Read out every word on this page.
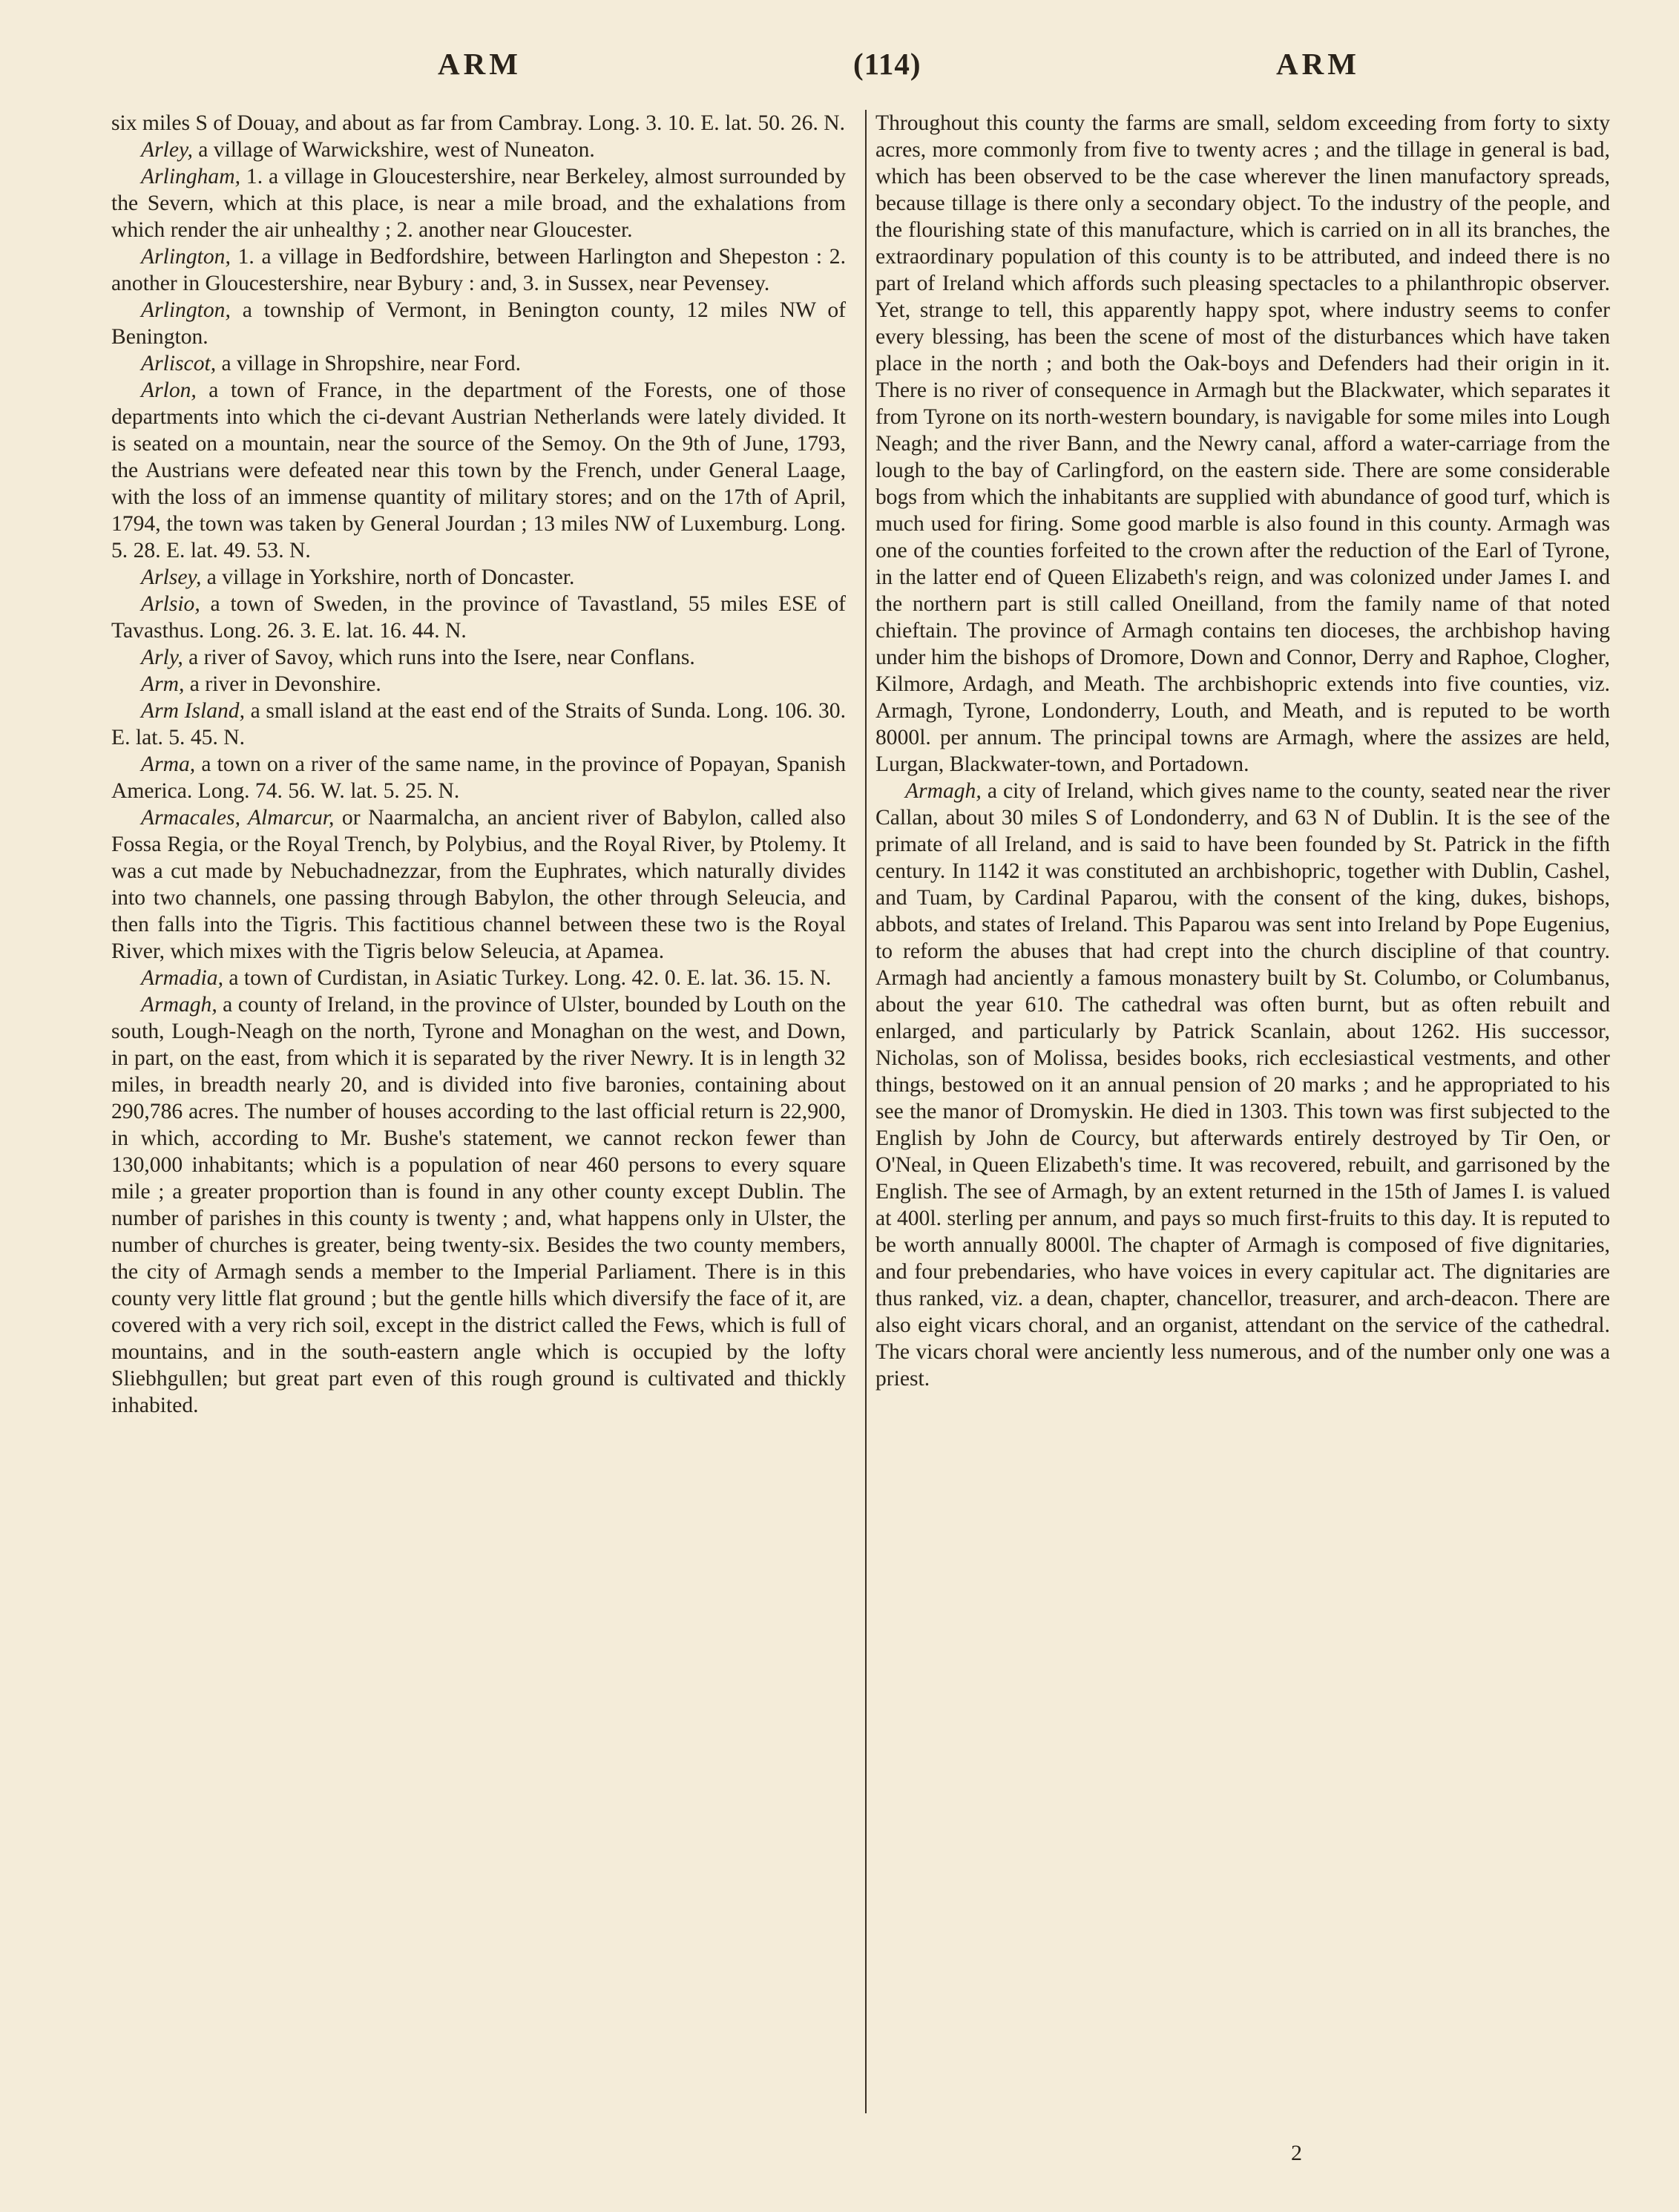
ARM	(114)	ARM

six miles S of Douay, and about as far from Cambray. Long. 3. 10. E. lat. 50. 26. N.

Arley, a village of Warwickshire, west of Nuneaton.

Arlingham, 1. a village in Gloucestershire, near Berkeley, almost surrounded by the Severn, which at this place, is near a mile broad, and the exhalations from which render the air unhealthy ; 2. another near Gloucester.

Arlington, 1. a village in Bedfordshire, between Harlington and Shepeston : 2. another in Gloucestershire, near Bybury : and, 3. in Sussex, near Pevensey.

Arlington, a township of Vermont, in Benington county, 12 miles NW of Benington.

Arliscot, a village in Shropshire, near Ford.

Arlon, a town of France, in the department of the Forests, one of those departments into which the ci-devant Austrian Netherlands were lately divided. It is seated on a mountain, near the source of the Semoy. On the 9th of June, 1793, the Austrians were defeated near this town by the French, under General Laage, with the loss of an immense quantity of military stores; and on the 17th of April, 1794, the town was taken by General Jourdan ; 13 miles NW of Luxemburg. Long. 5. 28. E. lat. 49. 53. N.

Arlsey, a village in Yorkshire, north of Doncaster.

Arlsio, a town of Sweden, in the province of Tavastland, 55 miles ESE of Tavasthus. Long. 26. 3. E. lat. 16. 44. N.

Arly, a river of Savoy, which runs into the Isere, near Conflans.

Arm, a river in Devonshire.

Arm Island, a small island at the east end of the Straits of Sunda. Long. 106. 30. E. lat. 5. 45. N.

Arma, a town on a river of the same name, in the province of Popayan, Spanish America. Long. 74. 56. W. lat. 5. 25. N.

Armacales, Almarcur, or Naarmalcha, an ancient river of Babylon, called also Fossa Regia, or the Royal Trench, by Polybius, and the Royal River, by Ptolemy. It was a cut made by Nebuchadnezzar, from the Euphrates, which naturally divides into two channels, one passing through Babylon, the other through Seleucia, and then falls into the Tigris. This factitious channel between these two is the Royal River, which mixes with the Tigris below Seleucia, at Apamea.

Armadia, a town of Curdistan, in Asiatic Turkey. Long. 42. 0. E. lat. 36. 15. N.

Armagh, a county of Ireland, in the province of Ulster, bounded by Louth on the south, Lough-Neagh on the north, Tyrone and Monaghan on the west, and Down, in part, on the east, from which it is separated by the river Newry. It is in length 32 miles, in breadth nearly 20, and is divided into five baronies, containing about 290,786 acres. The number of houses according to the last official return is 22,900, in which, according to Mr. Bushe's statement, we cannot reckon fewer than 130,000 inhabitants; which is a population of near 460 persons to every square mile ; a greater proportion than is found in any other county except Dublin. The number of parishes in this county is twenty ; and, what happens only in Ulster, the number of churches is greater, being twenty-six. Besides the two county members, the city of Armagh sends a member to the Imperial Parliament. There is in this county very little flat ground ; but the gentle hills which diversify the face of it, are covered with a very rich soil, except in the district called the Fews, which is full of mountains, and in the south-eastern angle which is occupied by the lofty Sliebhgullen; but great part even of this rough ground is cultivated and thickly inhabited.

Throughout this county the farms are small, seldom exceeding from forty to sixty acres, more commonly from five to twenty acres ; and the tillage in general is bad, which has been observed to be the case wherever the linen manufactory spreads, because tillage is there only a secondary object. To the industry of the people, and the flourishing state of this manufacture, which is carried on in all its branches, the extraordinary population of this county is to be attributed, and indeed there is no part of Ireland which affords such pleasing spectacles to a philanthropic observer. Yet, strange to tell, this apparently happy spot, where industry seems to confer every blessing, has been the scene of most of the disturbances which have taken place in the north ; and both the Oak-boys and Defenders had their origin in it. There is no river of consequence in Armagh but the Blackwater, which separates it from Tyrone on its north-western boundary, is navigable for some miles into Lough Neagh; and the river Bann, and the Newry canal, afford a water-carriage from the lough to the bay of Carlingford, on the eastern side. There are some considerable bogs from which the inhabitants are supplied with abundance of good turf, which is much used for firing. Some good marble is also found in this county. Armagh was one of the counties forfeited to the crown after the reduction of the Earl of Tyrone, in the latter end of Queen Elizabeth's reign, and was colonized under James I. and the northern part is still called Oneilland, from the family name of that noted chieftain. The province of Armagh contains ten dioceses, the archbishop having under him the bishops of Dromore, Down and Connor, Derry and Raphoe, Clogher, Kilmore, Ardagh, and Meath. The archbishopric extends into five counties, viz. Armagh, Tyrone, Londonderry, Louth, and Meath, and is reputed to be worth 8000l. per annum. The principal towns are Armagh, where the assizes are held, Lurgan, Blackwater-town, and Portadown.

Armagh, a city of Ireland, which gives name to the county, seated near the river Callan, about 30 miles S of Londonderry, and 63 N of Dublin. It is the see of the primate of all Ireland, and is said to have been founded by St. Patrick in the fifth century. In 1142 it was constituted an archbishopric, together with Dublin, Cashel, and Tuam, by Cardinal Paparou, with the consent of the king, dukes, bishops, abbots, and states of Ireland. This Paparou was sent into Ireland by Pope Eugenius, to reform the abuses that had crept into the church discipline of that country. Armagh had anciently a famous monastery built by St. Columbo, or Columbanus, about the year 610. The cathedral was often burnt, but as often rebuilt and enlarged, and particularly by Patrick Scanlain, about 1262. His successor, Nicholas, son of Molissa, besides books, rich ecclesiastical vestments, and other things, bestowed on it an annual pension of 20 marks ; and he appropriated to his see the manor of Dromyskin. He died in 1303. This town was first subjected to the English by John de Courcy, but afterwards entirely destroyed by Tir Oen, or O'Neal, in Queen Elizabeth's time. It was recovered, rebuilt, and garrisoned by the English. The see of Armagh, by an extent returned in the 15th of James I. is valued at 400l. sterling per annum, and pays so much first-fruits to this day. It is reputed to be worth annually 8000l. The chapter of Armagh is composed of five dignitaries, and four prebendaries, who have voices in every capitular act. The dignitaries are thus ranked, viz. a dean, chapter, chancellor, treasurer, and arch-deacon. There are also eight vicars choral, and an organist, attendant on the service of the cathedral. The vicars choral were anciently less numerous, and of the number only one was a priest.

2
